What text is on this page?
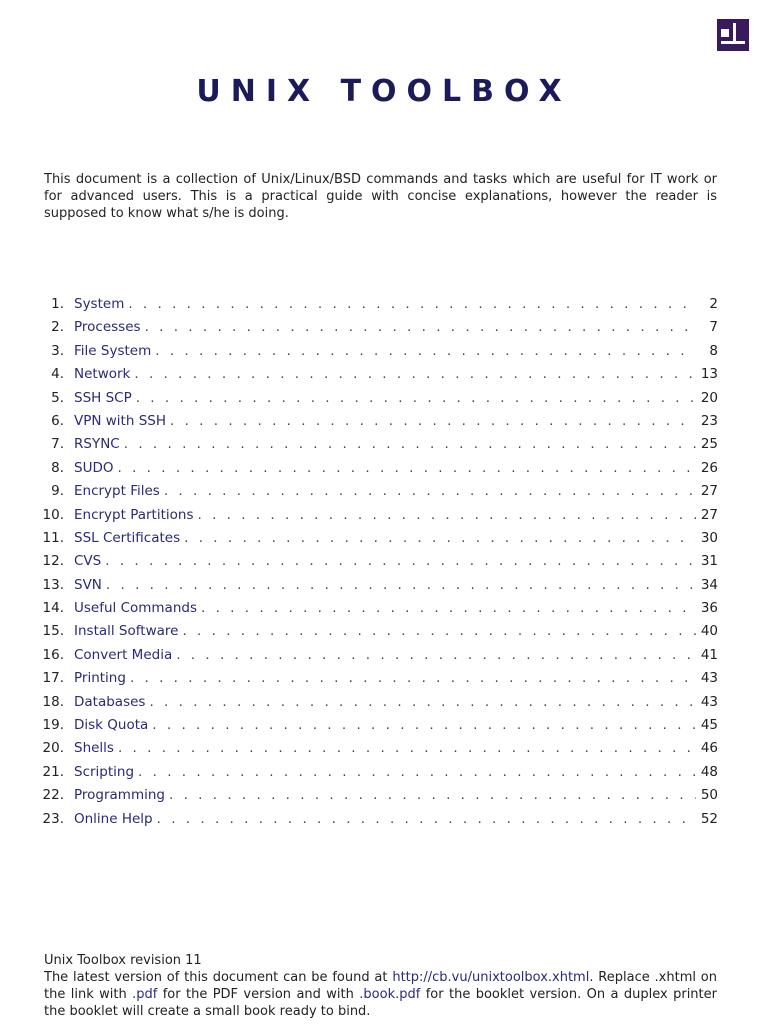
UNIX TOOLBOX

This document is a collection of Unix/Linux/BSD commands and tasks which are useful for IT work or for advanced users. This is a practical guide with concise explanations, however the reader is supposed to know what s/he is doing.

1. System . . .	2
2. Processes . . .	7
3. File System . . .	8
4. Network . . .	13
5. SSH SCP . . .	20
6. VPN with SSH . . .	23
7. RSYNC . . .	25
8. SUDO . . .	26
9. Encrypt Files . . .	27
10. Encrypt Partitions . . .	27
11. SSL Certificates . . .	30
12. CVS . . .	31
13. SVN . . .	34
14. Useful Commands . . .	36
15. Install Software . . .	40
16. Convert Media . . .	41
17. Printing . . .	43
18. Databases . . .	43
19. Disk Quota . . .	45
20. Shells . . .	46
21. Scripting . . .	48
22. Programming . . .	50
23. Online Help . . .	52
Unix Toolbox revision 11
The latest version of this document can be found at http://cb.vu/unixtoolbox.xhtml. Replace .xhtml on the link with .pdf for the PDF version and with .book.pdf for the booklet version. On a duplex printer the booklet will create a small book ready to bind.
